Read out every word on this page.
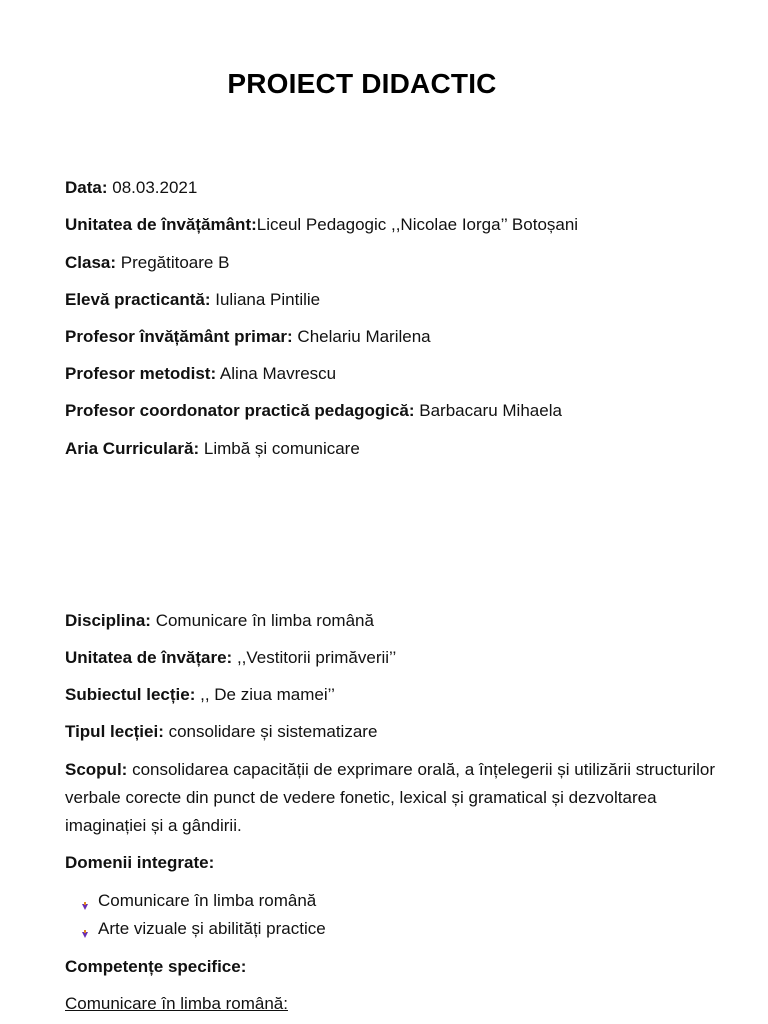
PROIECT DIDACTIC
Data: 08.03.2021
Unitatea de învățământ:Liceul Pedagogic ,,Nicolae Iorga’’ Botoșani
Clasa: Pregătitoare B
Elevă practicantă: Iuliana Pintilie
Profesor învățământ primar: Chelariu Marilena
Profesor metodist: Alina Mavrescu
Profesor coordonator practică pedagogică: Barbacaru Mihaela
Aria Curriculară: Limbă și comunicare
Disciplina: Comunicare în limba română
Unitatea de învățare: ,,Vestitorii primăverii’’
Subiectul lecție: ,, De ziua mamei’’
Tipul lecției: consolidare și sistematizare
Scopul: consolidarea capacității de exprimare orală, a înțelegerii și utilizării structurilor verbale corecte din punct de vedere fonetic, lexical și gramatical și dezvoltarea imaginației și a gândirii.
Domenii integrate:
Comunicare în limba română
Arte vizuale și abilități practice
Competențe specifice:
Comunicare în limba română:
